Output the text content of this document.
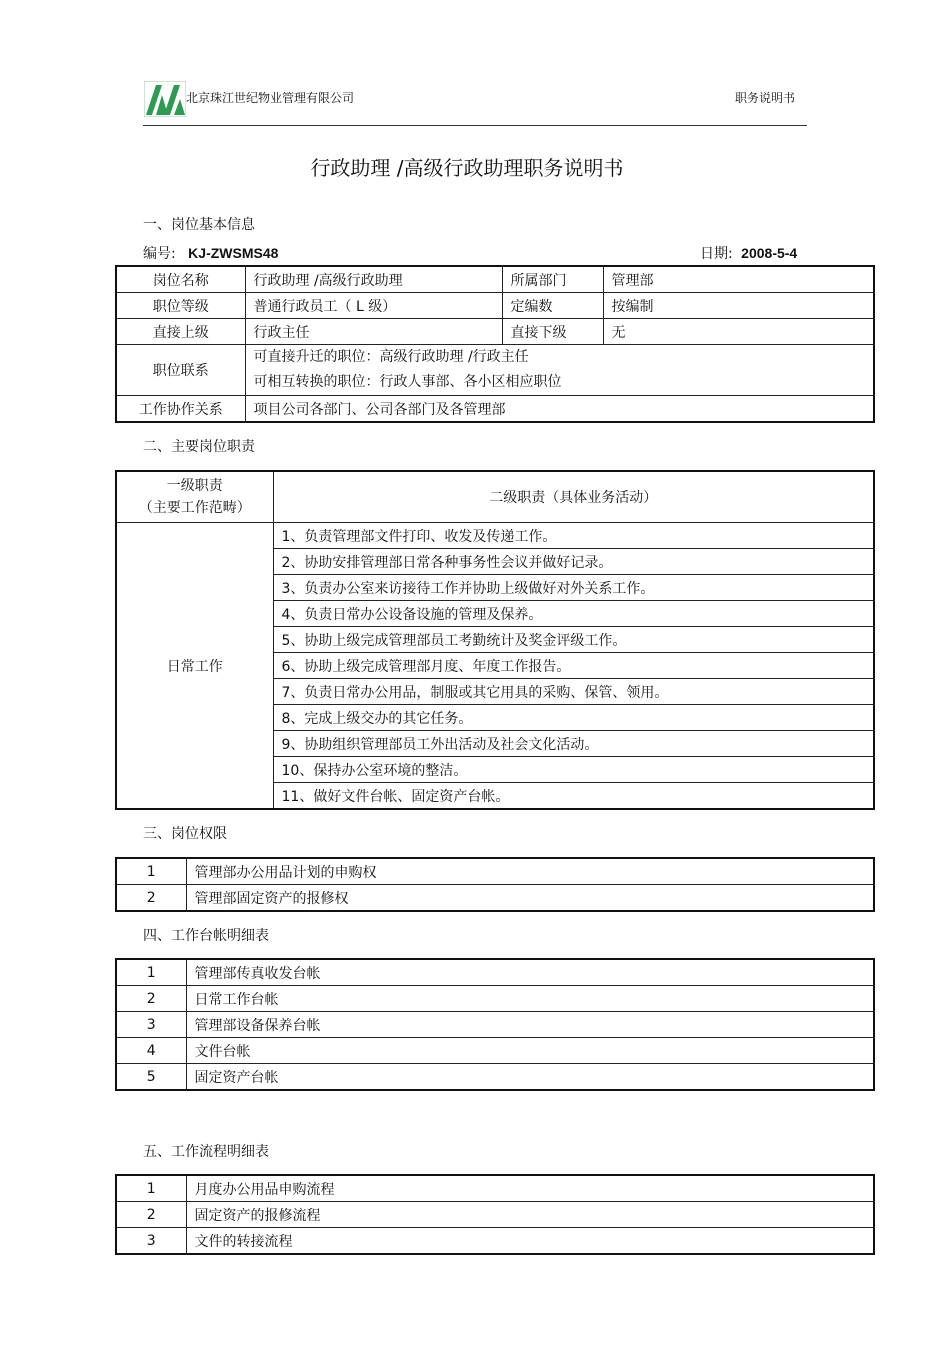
北京珠江世纪物业管理有限公司	职务说明书
行政助理 /高级行政助理职务说明书
一、岗位基本信息
编号: KJ-ZWSMS48	日期: 2008-5-4
岗位名称	行政助理 /高级行政助理	所属部门	管理部
职位等级	普通行政员工（ L 级）	定编数	按编制
直接上级	行政主任	直接下级	无
职位联系	可直接升迁的职位：高级行政助理 /行政主任
可相互转换的职位：行政人事部、各小区相应职位		

工作协作关系	项目公司各部门、公司各部门及各管理部		
二、主要岗位职责
一级职责
（主要工作范畴）	二级职责（具体业务活动）
日常工作	1、负责管理部文件打印、收发及传递工作。
	2、协助安排管理部日常各种事务性会议并做好记录。
	3、负责办公室来访接待工作并协助上级做好对外关系工作。
	4、负责日常办公设备设施的管理及保养。
	5、协助上级完成管理部员工考勤统计及奖金评级工作。
	6、协助上级完成管理部月度、年度工作报告。
	7、负责日常办公用品，制服或其它用具的采购、保管、领用。
	8、完成上级交办的其它任务。
	9、协助组织管理部员工外出活动及社会文化活动。
	10、保持办公室环境的整洁。
	11、做好文件台帐、固定资产台帐。
三、岗位权限
1	管理部办公用品计划的申购权
2	管理部固定资产的报修权
四、工作台帐明细表
1	管理部传真收发台帐
2	日常工作台帐
3	管理部设备保养台帐
4	文件台帐
5	固定资产台帐
五、工作流程明细表
1	月度办公用品申购流程
2	固定资产的报修流程
3	文件的转接流程
